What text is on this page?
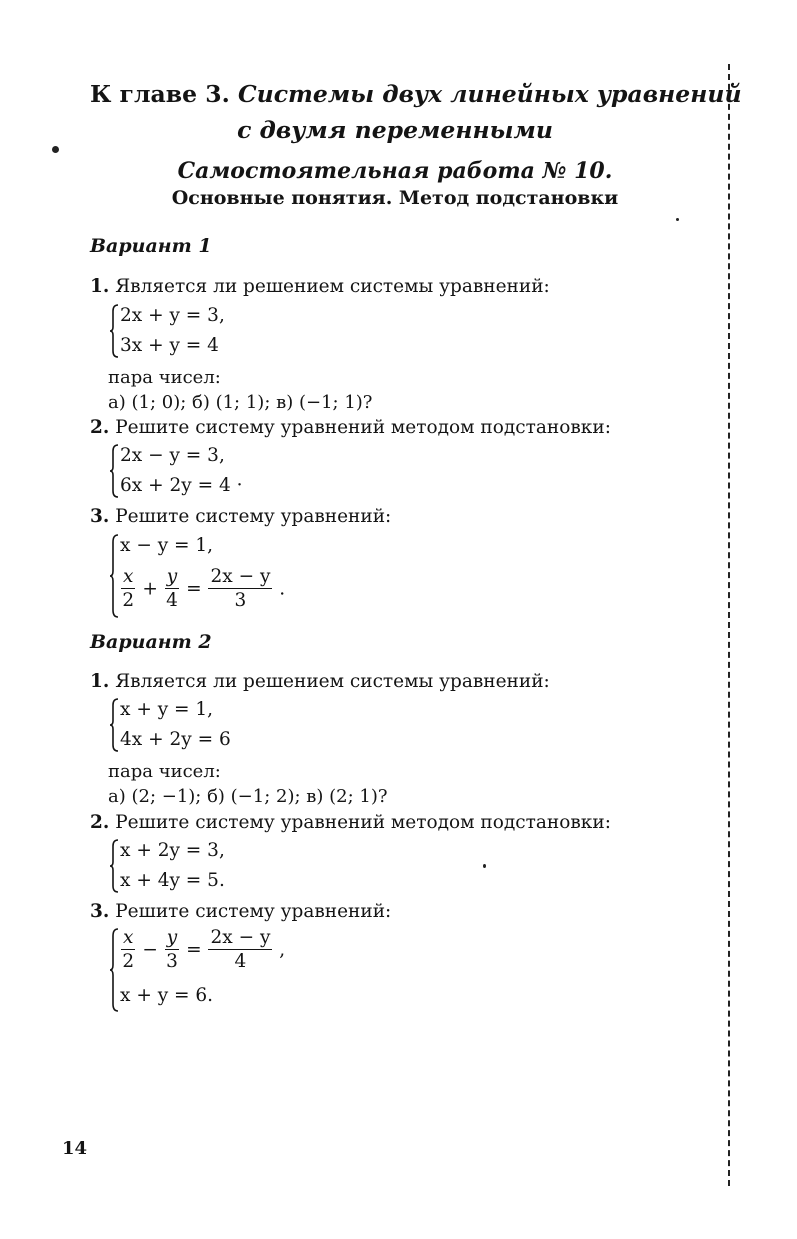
К главе 3. Системы двух линейных уравнений
с двумя переменными
Самостоятельная работа № 10.
Основные понятия. Метод подстановки
Вариант 1
1. Является ли решением системы уравнений:
2x + y = 3,
3x + y = 4
пара чисел:
а) (1; 0); б) (1; 1); в) (−1; 1)?
2. Решите систему уравнений методом подстановки:
2x − y = 3,
6x + 2y = 4 ·
3. Решите систему уравнений:
x − y = 1,
$\frac{x}{2} + \frac{y}{4} = \frac{2x - y}{3}$ .
Вариант 2
1. Является ли решением системы уравнений:
x + y = 1,
4x + 2y = 6
пара чисел:
а) (2; −1); б) (−1; 2); в) (2; 1)?
2. Решите систему уравнений методом подстановки:
x + 2y = 3,
x + 4y = 5.
3. Решите систему уравнений:
$\frac{x}{2} - \frac{y}{3} = \frac{2x - y}{4}$ ,
x + y = 6.
14
